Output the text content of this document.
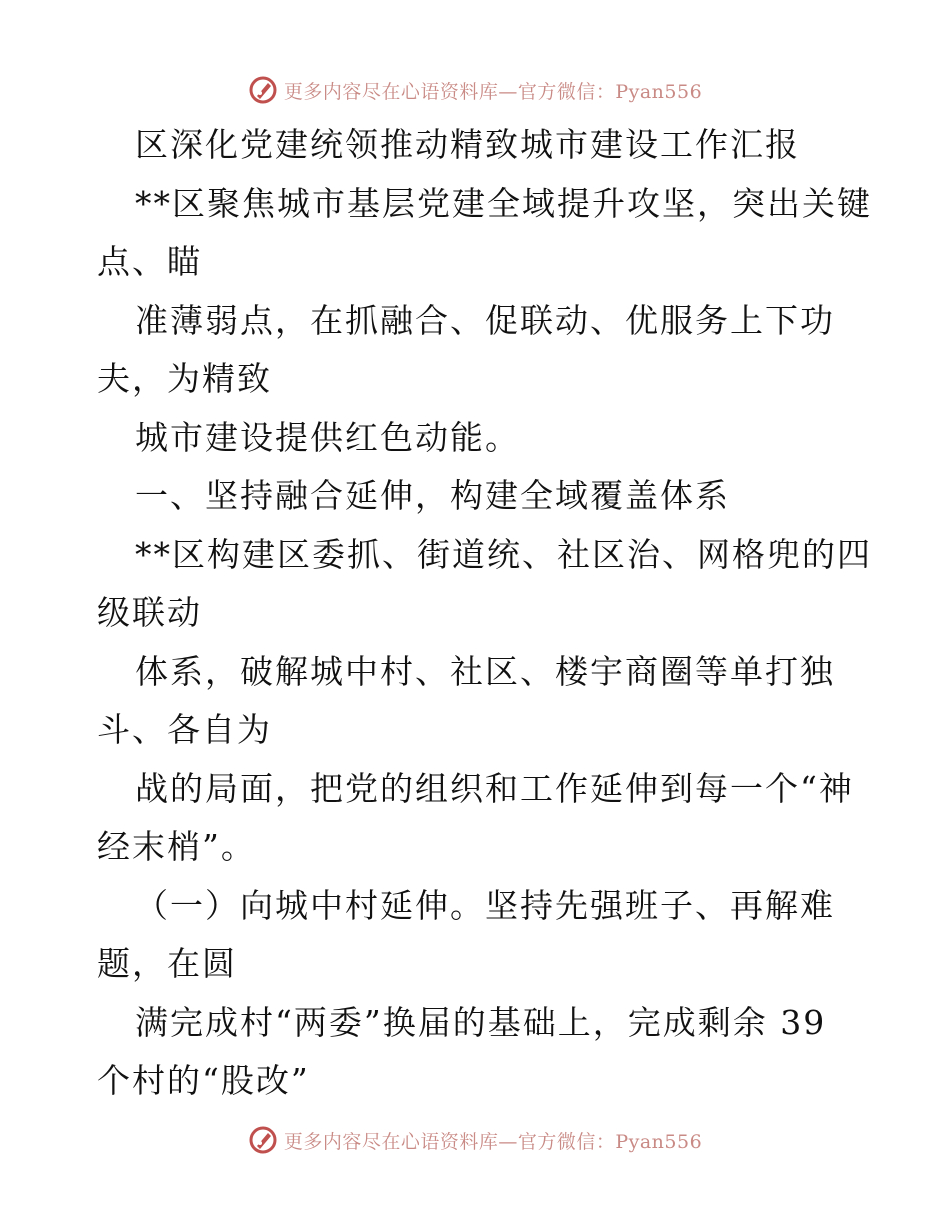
更多内容尽在心语资料库—官方微信：Pyan556
区深化党建统领推动精致城市建设工作汇报
**区聚焦城市基层党建全域提升攻坚，突出关键
点、瞄
准薄弱点，在抓融合、促联动、优服务上下功
夫，为精致
城市建设提供红色动能。
一、坚持融合延伸，构建全域覆盖体系
**区构建区委抓、街道统、社区治、网格兜的四
级联动
体系，破解城中村、社区、楼宇商圈等单打独
斗、各自为
战的局面，把党的组织和工作延伸到每一个“神
经末梢”。
（一）向城中村延伸。坚持先强班子、再解难
题，在圆
满完成村“两委”换届的基础上，完成剩余 39
个村的“股改”
更多内容尽在心语资料库—官方微信：Pyan556
